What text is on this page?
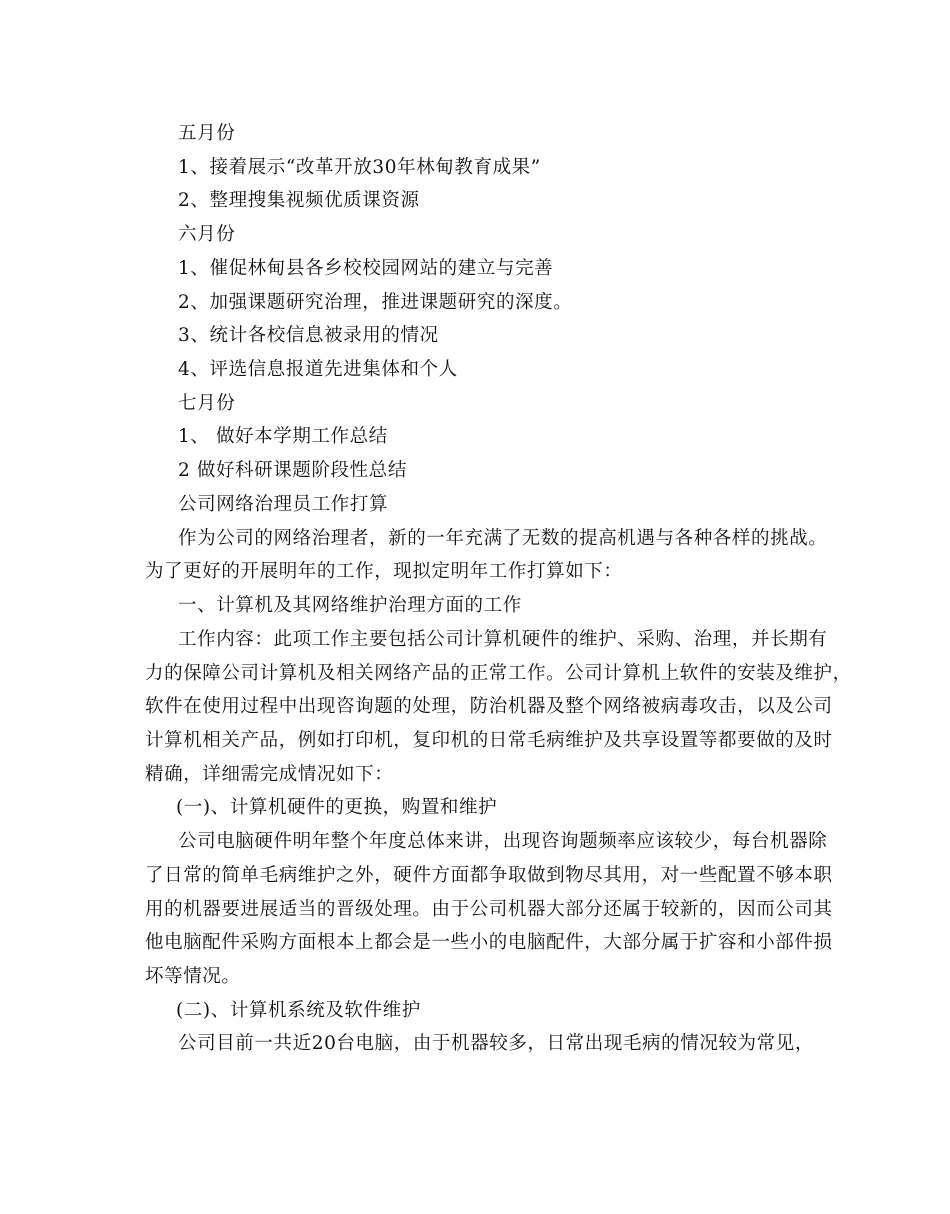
五月份
1、接着展示“改革开放30年林甸教育成果”
2、整理搜集视频优质课资源
六月份
1、催促林甸县各乡校校园网站的建立与完善
2、加强课题研究治理，推进课题研究的深度。
3、统计各校信息被录用的情况
4、评选信息报道先进集体和个人
七月份
1、 做好本学期工作总结
2 做好科研课题阶段性总结
公司网络治理员工作打算
作为公司的网络治理者，新的一年充满了无数的提高机遇与各种各样的挑战。
为了更好的开展明年的工作，现拟定明年工作打算如下：
一、计算机及其网络维护治理方面的工作
工作内容：此项工作主要包括公司计算机硬件的维护、采购、治理，并长期有
力的保障公司计算机及相关网络产品的正常工作。公司计算机上软件的安装及维护，
软件在使用过程中出现咨询题的处理，防治机器及整个网络被病毒攻击，以及公司
计算机相关产品，例如打印机，复印机的日常毛病维护及共享设置等都要做的及时
精确，详细需完成情况如下：
(一)、计算机硬件的更换，购置和维护
公司电脑硬件明年整个年度总体来讲，出现咨询题频率应该较少，每台机器除
了日常的简单毛病维护之外，硬件方面都争取做到物尽其用，对一些配置不够本职
用的机器要进展适当的晋级处理。由于公司机器大部分还属于较新的，因而公司其
他电脑配件采购方面根本上都会是一些小的电脑配件，大部分属于扩容和小部件损
坏等情况。
(二)、计算机系统及软件维护
公司目前一共近20台电脑，由于机器较多，日常出现毛病的情况较为常见，
